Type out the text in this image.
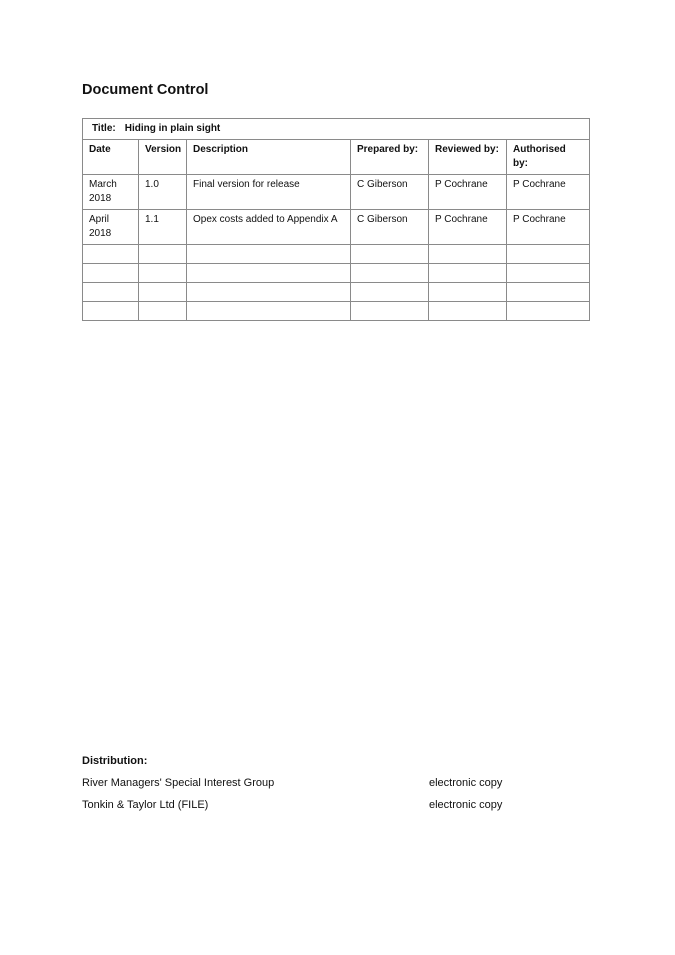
Document Control
Title: Hiding in plain sight					
Date	Version	Description	Prepared by:	Reviewed by:	Authorised by:
March 2018	1.0	Final version for release	C Giberson	P Cochrane	P Cochrane
April 2018	1.1	Opex costs added to Appendix A	C Giberson	P Cochrane	P Cochrane

Distribution:
River Managers' Special Interest Group	electronic copy
Tonkin & Taylor Ltd (FILE)	electronic copy
